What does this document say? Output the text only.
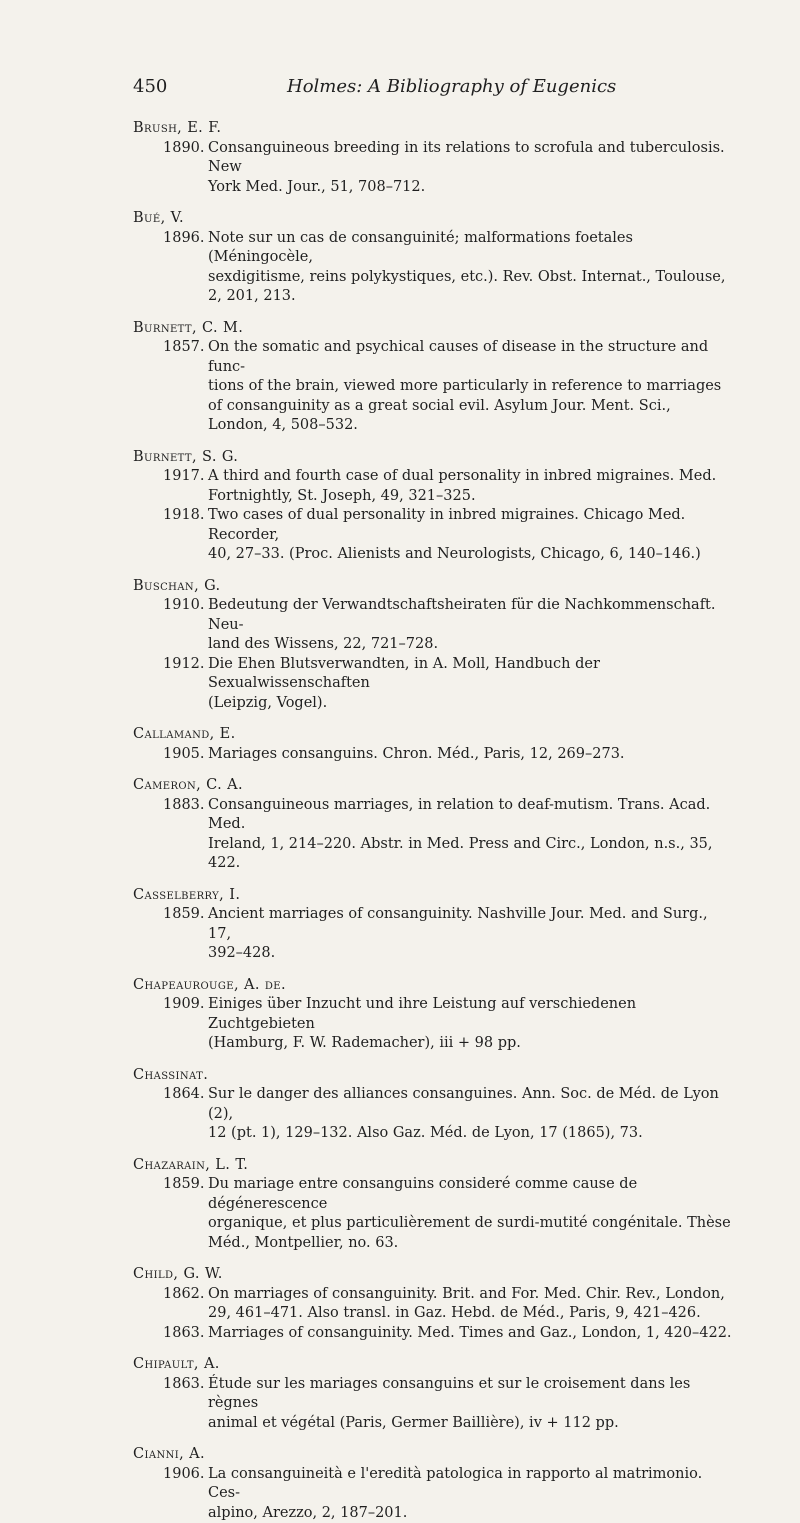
450	Holmes: A Bibliography of Eugenics
Brush, E. F.
1890. Consanguineous breeding in its relations to scrofula and tuberculosis. New
York Med. Jour., 51, 708–712.
Bué, V.
1896. Note sur un cas de consanguinité; malformations foetales (Méningocèle,
sexdigitisme, reins polykystiques, etc.). Rev. Obst. Internat., Toulouse,
2, 201, 213.
Burnett, C. M.
1857. On the somatic and psychical causes of disease in the structure and func-
tions of the brain, viewed more particularly in reference to marriages
of consanguinity as a great social evil. Asylum Jour. Ment. Sci.,
London, 4, 508–532.
Burnett, S. G.
1917. A third and fourth case of dual personality in inbred migraines. Med.
Fortnightly, St. Joseph, 49, 321–325.
1918. Two cases of dual personality in inbred migraines. Chicago Med. Recorder,
40, 27–33. (Proc. Alienists and Neurologists, Chicago, 6, 140–146.)
Buschan, G.
1910. Bedeutung der Verwandtschaftsheiraten für die Nachkommenschaft. Neu-
land des Wissens, 22, 721–728.
1912. Die Ehen Blutsverwandten, in A. Moll, Handbuch der Sexualwissenschaften
(Leipzig, Vogel).
Callamand, E.
1905. Mariages consanguins. Chron. Méd., Paris, 12, 269–273.
Cameron, C. A.
1883. Consanguineous marriages, in relation to deaf-mutism. Trans. Acad. Med.
Ireland, 1, 214–220. Abstr. in Med. Press and Circ., London, n.s., 35, 422.
Casselberry, I.
1859. Ancient marriages of consanguinity. Nashville Jour. Med. and Surg., 17,
392–428.
Chapeaurouge, A. de.
1909. Einiges über Inzucht und ihre Leistung auf verschiedenen Zuchtgebieten
(Hamburg, F. W. Rademacher), iii + 98 pp.
Chassinat.
1864. Sur le danger des alliances consanguines. Ann. Soc. de Méd. de Lyon (2),
12 (pt. 1), 129–132. Also Gaz. Méd. de Lyon, 17 (1865), 73.
Chazarain, L. T.
1859. Du mariage entre consanguins consideré comme cause de dégénerescence
organique, et plus particulièrement de surdi-mutité congénitale. Thèse
Méd., Montpellier, no. 63.
Child, G. W.
1862. On marriages of consanguinity. Brit. and For. Med. Chir. Rev., London,
29, 461–471. Also transl. in Gaz. Hebd. de Méd., Paris, 9, 421–426.
1863. Marriages of consanguinity. Med. Times and Gaz., London, 1, 420–422.
Chipault, A.
1863. Étude sur les mariages consanguins et sur le croisement dans les règnes
animal et végétal (Paris, Germer Baillière), iv + 112 pp.
Cianni, A.
1906. La consanguineità e l'eredità patologica in rapporto al matrimonio. Ces-
alpino, Arezzo, 2, 187–201.
